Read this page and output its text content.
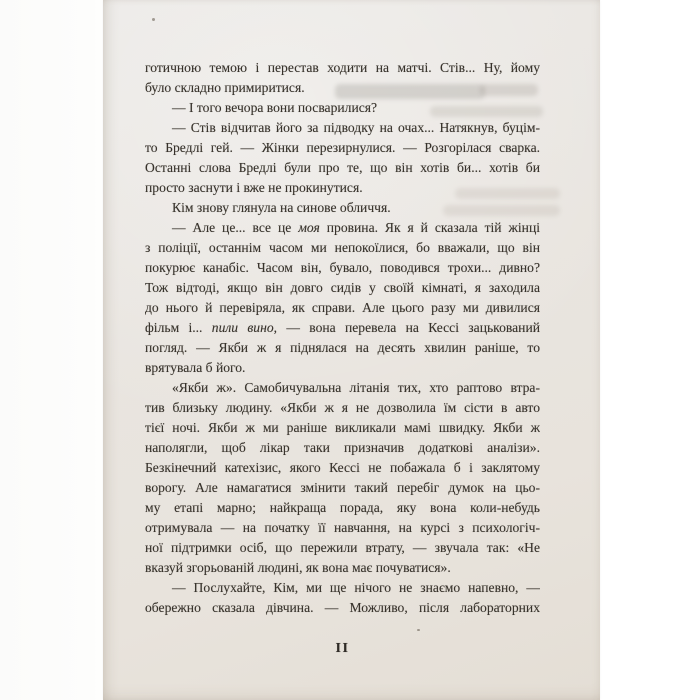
готичною темою і перестав ходити на матчі. Стів... Ну, йому
було складно примиритися.
— І того вечора вони посварилися?
— Стів відчитав його за підводку на очах... Натякнув, буцім-
то Бредлі гей. — Жінки перезирнулися. — Розгорілася сварка.
Останні слова Бредлі були про те, що він хотів би... хотів би
просто заснути і вже не прокинутися.
Кім знову глянула на синове обличчя.
— Але це... все це моя провина. Як я й сказала тій жінці
з поліції, останнім часом ми непокоїлися, бо вважали, що він
покурює канабіс. Часом він, бувало, поводився трохи... дивно?
Тож відтоді, якщо він довго сидів у своїй кімнаті, я заходила
до нього й перевіряла, як справи. Але цього разу ми дивилися
фільм і... пили вино, — вона перевела на Кессі зацькований
погляд. — Якби ж я піднялася на десять хвилин раніше, то
врятувала б його.
«Якби ж». Самобичувальна літанія тих, хто раптово втра-
тив близьку людину. «Якби ж я не дозволила їм сісти в авто
тієї ночі. Якби ж ми раніше викликали мамі швидку. Якби ж
наполягли, щоб лікар таки призначив додаткові аналізи».
Безкінечний катехізис, якого Кессі не побажала б і заклятому
ворогу. Але намагатися змінити такий перебіг думок на цьо-
му етапі марно; найкраща порада, яку вона коли-небудь
отримувала — на початку її навчання, на курсі з психологіч-
ної підтримки осіб, що пережили втрату, — звучала так: «Не
вказуй згорьованій людині, як вона має почуватися».
— Послухайте, Кім, ми ще нічого не знаємо напевно, —
обережно сказала дівчина. — Можливо, після лабораторних
II
